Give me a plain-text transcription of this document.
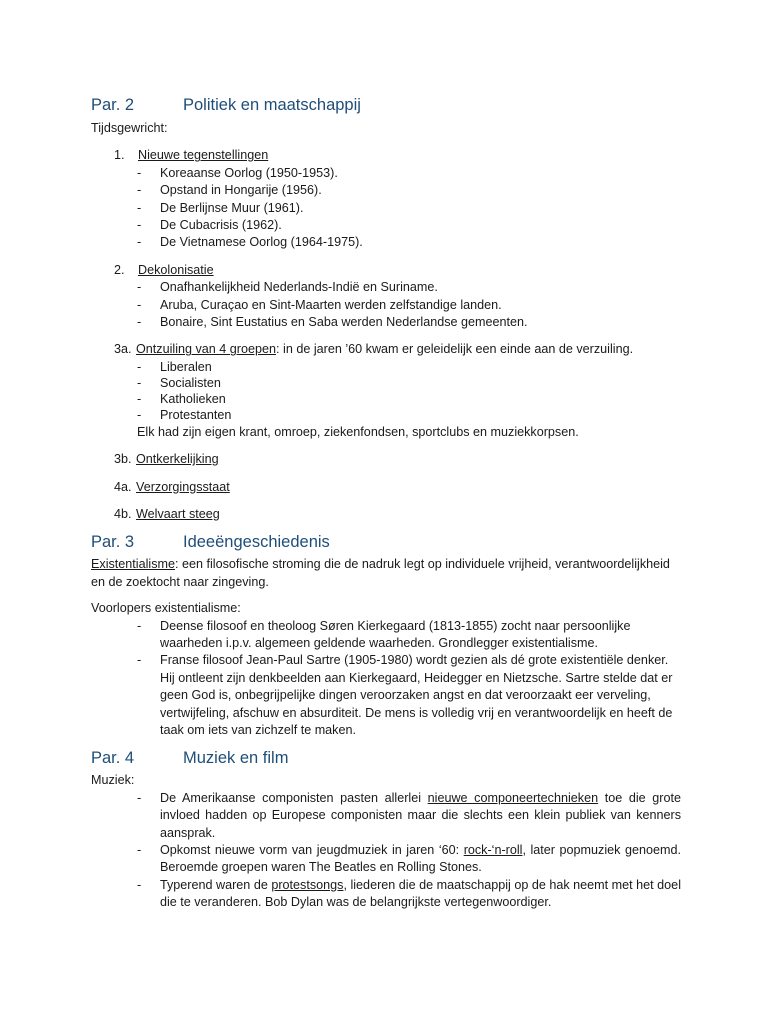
Par. 2	Politiek en maatschappij
Tijdsgewricht:
1.	Nieuwe tegenstellingen
-	Koreaanse Oorlog (1950-1953).
-	Opstand in Hongarije (1956).
-	De Berlijnse Muur (1961).
-	De Cubacrisis (1962).
-	De Vietnamese Oorlog (1964-1975).
2.	Dekolonisatie
-	Onafhankelijkheid Nederlands-Indië en Suriname.
-	Aruba, Curaçao en Sint-Maarten werden zelfstandige landen.
-	Bonaire, Sint Eustatius en Saba werden Nederlandse gemeenten.
3a. Ontzuiling van 4 groepen: in de jaren ’60 kwam er geleidelijk een einde aan de verzuiling.
-	Liberalen
-	Socialisten
-	Katholieken
-	Protestanten
Elk had zijn eigen krant, omroep, ziekenfondsen, sportclubs en muziekkorpsen.
3b. Ontkerkelijking
4a. Verzorgingsstaat
4b. Welvaart steeg
Par. 3	Ideeëngeschiedenis
Existentialisme: een filosofische stroming die de nadruk legt op individuele vrijheid, verantwoordelijkheid en de zoektocht naar zingeving.
Voorlopers existentialisme:
-	Deense filosoof en theoloog Søren Kierkegaard (1813-1855) zocht naar persoonlijke waarheden i.p.v. algemeen geldende waarheden. Grondlegger existentialisme.
-	Franse filosoof Jean-Paul Sartre (1905-1980) wordt gezien als dé grote existentiële denker. Hij ontleent zijn denkbeelden aan Kierkegaard, Heidegger en Nietzsche. Sartre stelde dat er geen God is, onbegrijpelijke dingen veroorzaken angst en dat veroorzaakt eer verveling, vertwijfeling, afschuw en absurditeit. De mens is volledig vrij en verantwoordelijk en heeft de taak om iets van zichzelf te maken.
Par. 4	Muziek en film
Muziek:
-	De Amerikaanse componisten pasten allerlei nieuwe componeertechnieken toe die grote invloed hadden op Europese componisten maar die slechts een klein publiek van kenners aansprak.
-	Opkomst nieuwe vorm van jeugdmuziek in jaren ‘60: rock-‘n-roll, later popmuziek genoemd. Beroemde groepen waren The Beatles en Rolling Stones.
-	Typerend waren de protestsongs, liederen die de maatschappij op de hak neemt met het doel die te veranderen. Bob Dylan was de belangrijkste vertegenwoordiger.
